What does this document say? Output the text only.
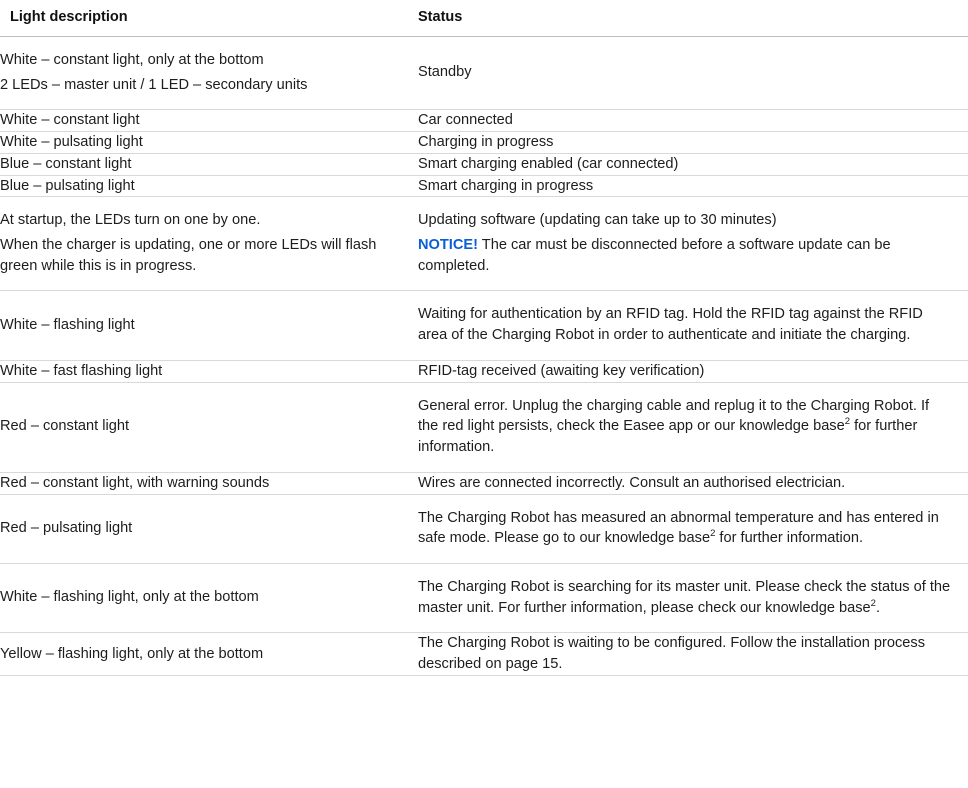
Light description	Status

White – constant light, only at the bottom
2 LEDs – master unit / 1 LED – secondary units	Standby

White – constant light	Car connected

White – pulsating light	Charging in progress

Blue – constant light	Smart charging enabled (car connected)

Blue – pulsating light	Smart charging in progress

At startup, the LEDs turn on one by one.
When the charger is updating, one or more LEDs will flash green while this is in progress.	Updating software (updating can take up to 30 minutes)
NOTICE! The car must be disconnected before a software update can be completed.

White – flashing light	Waiting for authentication by an RFID tag. Hold the RFID tag against the RFID area of the Charging Robot in order to authenticate and initiate the charging.

White – fast flashing light	RFID-tag received (awaiting key verification)

Red – constant light	General error. Unplug the charging cable and replug it to the Charging Robot. If the red light persists, check the Easee app or our knowledge base$^2$ for further information.

Red – constant light, with warning sounds	Wires are connected incorrectly. Consult an authorised electrician.

Red – pulsating light	The Charging Robot has measured an abnormal temperature and has entered in safe mode. Please go to our knowledge base$^2$ for further information.

White – flashing light, only at the bottom	The Charging Robot is searching for its master unit. Please check the status of the master unit. For further information, please check our knowledge base$^2$.

Yellow – flashing light, only at the bottom	The Charging Robot is waiting to be configured. Follow the installation process described on page 15.
